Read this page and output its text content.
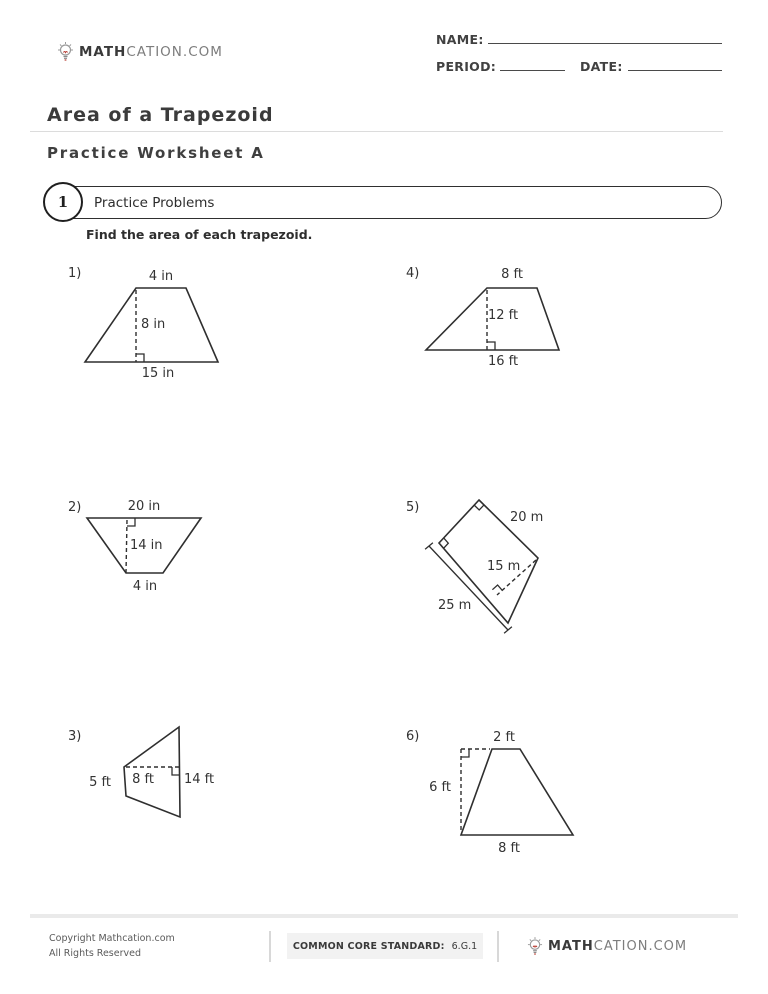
MATHCATION.COM
NAME:
PERIOD:	DATE:
Area of a Trapezoid
Practice Worksheet A
Practice Problems
1
Find the area of each trapezoid.
1)	4)
2)	5)
3)	6)
4 in
8 in
15 in
8 ft
12 ft
16 ft
20 in
14 in
4 in
20 m
15 m
25 m
5 ft 8 ft 14 ft
2 ft
6 ft
8 ft
Copyright Mathcation.com
All Rights Reserved
COMMON CORE STANDARD: 6.G.1	MATHCATION.COM
